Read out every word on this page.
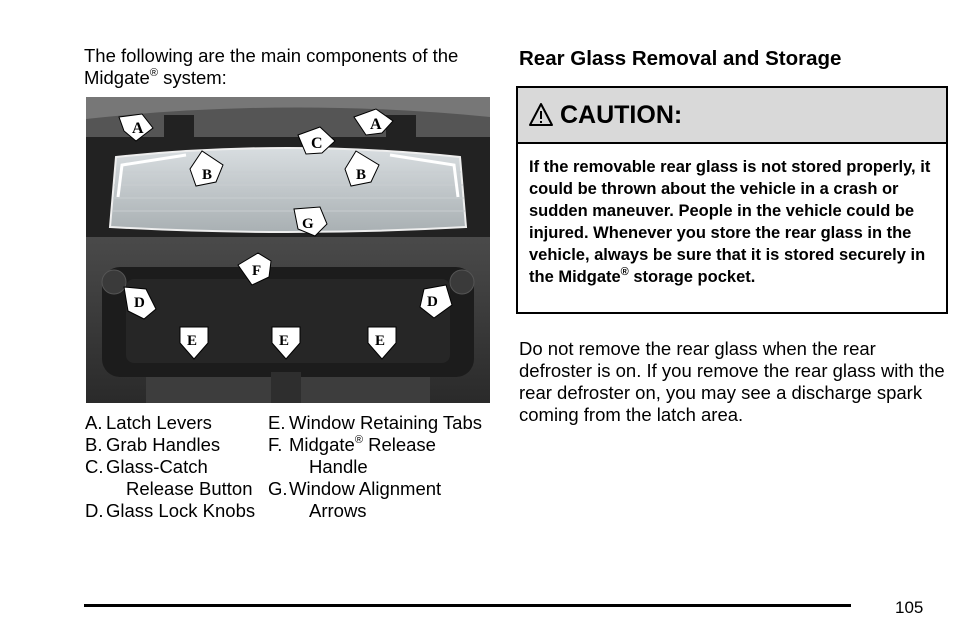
The following are the main components of the Midgate® system:
A	A
C
B	B
G
F
D	D
E	E	E
A. Latch Levers
B. Grab Handles
C. Glass-Catch Release Button
D. Glass Lock Knobs
E. Window Retaining Tabs
F. Midgate® Release Handle
G. Window Alignment Arrows
Rear Glass Removal and Storage
CAUTION:
If the removable rear glass is not stored properly, it could be thrown about the vehicle in a crash or sudden maneuver. People in the vehicle could be injured. Whenever you store the rear glass in the vehicle, always be sure that it is stored securely in the Midgate® storage pocket.
Do not remove the rear glass when the rear defroster is on. If you remove the rear glass with the rear defroster on, you may see a discharge spark coming from the latch area.
105
